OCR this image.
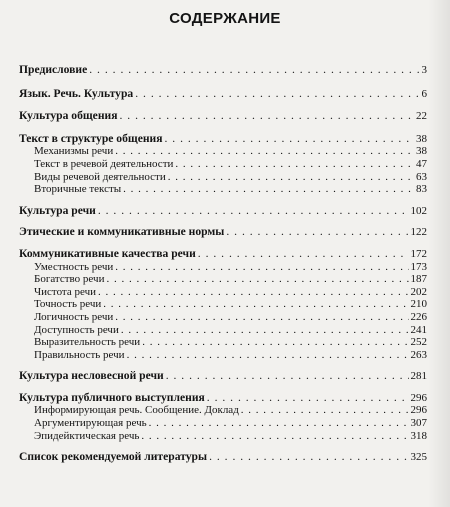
СОДЕРЖАНИЕ
Предисловие . . .	3
Язык. Речь. Культура . . .	6
Культура общения . . .	22
Текст в структуре общения . . .	38
Механизмы речи . . .	38
Текст в речевой деятельности . . .	47
Виды речевой деятельности . . .	63
Вторичные тексты . . .	83
Культура речи . . .	102
Этические и коммуникативные нормы . . .	122
Коммуникативные качества речи . . .	172
Уместность речи . . .	173
Богатство речи . . .	187
Чистота речи . . .	202
Точность речи . . .	210
Логичность речи . . .	226
Доступность речи . . .	241
Выразительность речи . . .	252
Правильность речи . . .	263
Культура несловесной речи . . .	281
Культура публичного выступления . . .	296
Информирующая речь. Сообщение. Доклад . . .	296
Аргументирующая речь . . .	307
Эпидейктическая речь . . .	318
Список рекомендуемой литературы . . .	325
